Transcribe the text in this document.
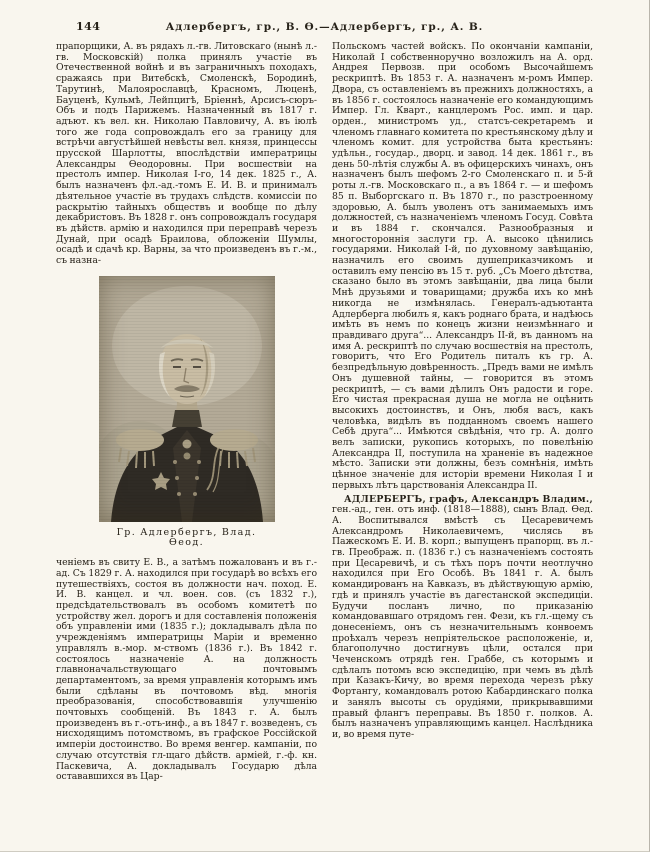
144	Адлербергъ, гр., В. Ѳ.—Адлербергъ, гр., А. В.

прапорщики, А. въ рядахъ л.-гв. Литовскаго (нынѣ л.-гв. Московскій) полка принялъ участіе въ Отечественной войнѣ и въ заграничныхъ походахъ, сражаясь при Витебскѣ, Смоленскѣ, Бородинѣ, Тарутинѣ, Малоярославцѣ, Красномъ, Люценѣ, Бауценѣ, Кульмѣ, Лейпцигѣ, Бріеннѣ, Арсисъ-сюръ-Объ и подъ Парижемъ. Назначенный въ 1817 г. адъют. къ вел. кн. Николаю Павловичу, А. въ іюлѣ того же года сопровождалъ его за границу для встрѣчи августѣйшей невѣсты вел. князя, принцессы прусской Шарлотты, впослѣдствіи императрицы Александры Ѳеодоровны. При восшествіи на престолъ импер. Николая I-го, 14 дек. 1825 г., А. былъ назначенъ фл.-ад.-томъ Е. И. В. и принималъ дѣятельное участіе въ трудахъ слѣдств. комиссіи по раскрытію тайныхъ обществъ и вообще по дѣлу декабристовъ. Въ 1828 г. онъ сопровождалъ государя въ дѣйств. армію и находился при переправѣ черезъ Дунай, при осадѣ Браилова, обложеніи Шумлы, осадѣ и сдачѣ кр. Варны, за что произведенъ въ г.-м., съ назна-

Гр. Адлербергъ, Влад. Ѳеод.

ченіемъ въ свиту Е. В., а затѣмъ пожалованъ и въ г.-ад. Съ 1829 г. А. находился при государѣ во всѣхъ его путешествіяхъ, состоя въ должности нач. поход. Е. И. В. канцел. и чл. воен. сов. (съ 1832 г.), предсѣдательствовалъ въ особомъ комитетѣ по устройству жел. дорогъ и для составленія положенія объ управленіи ими (1835 г.); докладывалъ дѣла по учрежденіямъ императрицы Маріи и временно управлялъ в.-мор. м-ствомъ (1836 г.). Въ 1842 г. состоялось назначеніе А. на должность главноначальствующаго почтовымъ департаментомъ, за время управленія которымъ имъ были сдѣланы въ почтовомъ вѣд. многія преобразованія, способствовавшія улучшенію почтовыхъ сообщеній. Въ 1843 г. А. былъ произведенъ въ г.-отъ-инф., а въ 1847 г. возведенъ, съ нисходящимъ потомствомъ, въ графское Россійской имперіи достоинство. Во время венгер. кампаніи, по случаю отсутствія гл-щаго дѣйств. арміей, г.-ф. кн. Паскевича, А. докладывалъ Государю дѣла остававшихся въ Цар-

Польскомъ частей войскъ. По окончаніи кампаніи, Николай I собственноручно возложилъ на А. орд. Андрея Первозв. при особомъ Высочайшемъ рескриптѣ. Въ 1853 г. А. назначенъ м-ромъ Импер. Двора, съ оставленіемъ въ прежнихъ должностяхъ, а въ 1856 г. состоялось назначеніе его командующимъ Импер. Гл. Кварт., канцлеромъ Рос. имп. и цар. орден., министромъ уд., статсъ-секретаремъ и членомъ главнаго комитета по крестьянскому дѣлу и членомъ комит. для устройства быта крестьянъ: удѣльн., государ., дворц. и завод. 14 дек. 1861 г., въ день 50-лѣтія службы А. въ офицерскихъ чинахъ, онъ назначенъ былъ шефомъ 2-го Смоленскаго п. и 5-й роты л.-гв. Московскаго п., а въ 1864 г. — и шефомъ 85 п. Выборгскаго п. Въ 1870 г., по разстроенному здоровью, А. былъ уволенъ отъ занимаемыхъ имъ должностей, съ назначеніемъ членомъ Госуд. Совѣта и въ 1884 г. скончался. Разнообразныя и многостороннія заслуги гр. А. высоко цѣнились государями. Николай I-й, по духовному завѣщанію, назначилъ его своимъ душеприказчикомъ и оставилъ ему пенсію въ 15 т. руб. „Съ Моего дѣтства, сказано было въ этомъ завѣщаніи, два лица были Мнѣ друзьями и товарищами; дружба ихъ ко мнѣ никогда не измѣнялась. Генералъ-адъютанта Адлерберга любилъ я, какъ роднаго брата, и надѣюсь имѣть въ немъ по конецъ жизни неизмѣннаго и правдиваго друга“... Александръ II-й, въ данномъ на имя А. рескриптѣ по случаю восшествія на престолъ, говоритъ, что Его Родитель питалъ къ гр. А. безпредѣльную довѣренность. „Предъ вами не имѣлъ Онъ душевной тайны, — говорится въ этомъ рескриптѣ, — съ вами дѣлилъ Онъ радости и горе. Его чистая прекрасная душа не могла не оцѣнить высокихъ достоинствъ, и Онъ, любя васъ, какъ человѣка, видѣлъ въ подданномъ своемъ нашего Себѣ друга“... Имѣются свѣдѣнія, что гр. А. долго велъ записки, рукопись которыхъ, по повелѣнію Александра II, поступила на храненіе въ надежное мѣсто. Записки эти должны, безъ сомнѣнія, имѣть цѣнное значеніе для исторіи времени Николая I и первыхъ лѣтъ царствованія Александра II.

АДЛЕРБЕРГЪ, графъ, Александръ Владим., ген.-ад., ген. отъ инф. (1818—1888), сынъ Влад. Ѳед. А. Воспитывался вмѣстѣ съ Цесаревичемъ Александромъ Николаевичемъ, числясь въ Пажескомъ Е. И. В. корп.; выпущенъ прапорщ. въ л.-гв. Преображ. п. (1836 г.) съ назначеніемъ состоять при Цесаревичѣ, и съ тѣхъ поръ почти неотлучно находился при Его Особѣ. Въ 1841 г. А. былъ командированъ на Кавказъ, въ дѣйствующую армію, гдѣ и принялъ участіе въ дагестанской экспедиціи. Будучи посланъ лично, по приказанію командовавшаго отрядомъ ген. Фези, къ гл.-щему съ донесеніемъ, онъ съ незначительнымъ конвоемъ проѣхалъ черезъ непріятельское расположеніе, и, благополучно достигнувъ цѣли, остался при Чеченскомъ отрядѣ ген. Граббе, съ которымъ и сдѣлалъ потомъ всю экспедицію, при чемъ въ дѣлѣ при Казакъ-Кичу, во время перехода черезъ рѣку Фортангу, командовалъ ротою Кабардинскаго полка и занялъ высоты съ орудіями, прикрывавшими правый флангъ переправы. Въ 1850 г. полков. А. былъ назначенъ управляющимъ канцел. Наслѣдника и, во время путе-
